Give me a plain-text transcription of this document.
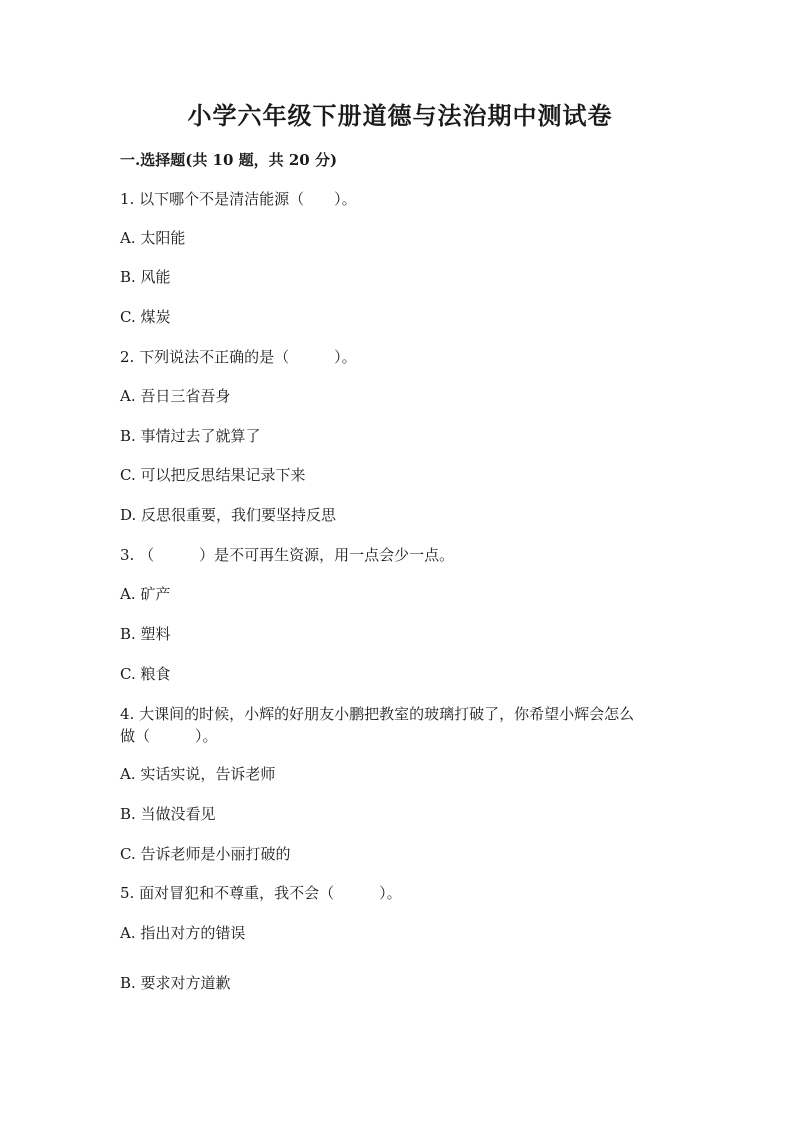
小学六年级下册道德与法治期中测试卷
一.选择题(共 10 题，共 20 分)
1. 以下哪个不是清洁能源（　　）。
A. 太阳能
B. 风能
C. 煤炭
2. 下列说法不正确的是（　　　）。
A. 吾日三省吾身
B. 事情过去了就算了
C. 可以把反思结果记录下来
D. 反思很重要，我们要坚持反思
3. （　　　）是不可再生资源，用一点会少一点。
A. 矿产
B. 塑料
C. 粮食
4. 大课间的时候，小辉的好朋友小鹏把教室的玻璃打破了，你希望小辉会怎么
做（　　　）。
A. 实话实说，告诉老师
B. 当做没看见
C. 告诉老师是小丽打破的
5. 面对冒犯和不尊重，我不会（　　　）。
A. 指出对方的错误
B. 要求对方道歉
